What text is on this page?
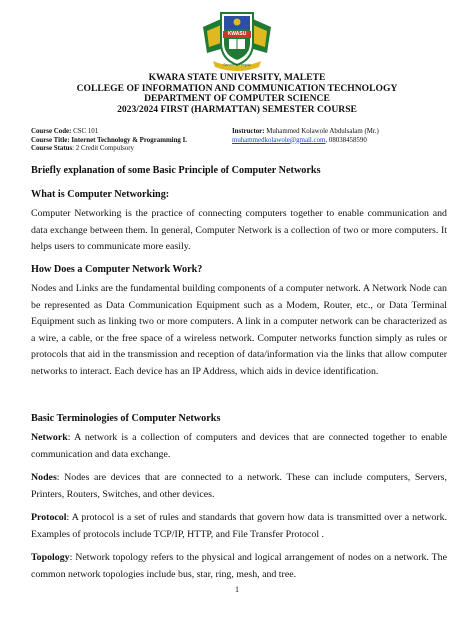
KWASU
Service & Integrity
KWARA STATE UNIVERSITY, MALETE
COLLEGE OF INFORMATION AND COMMUNICATION TECHNOLOGY
DEPARTMENT OF COMPUTER SCIENCE
2023/2024 FIRST (HARMATTAN) SEMESTER COURSE
Course Code: CSC 101
Course Title: Internet Technology & Programming I.
Course Status: 2 Credit Compulsory
Instructor: Muhammed Kolawole Abdulsalam (Mr.)
muhammedkolawole@gmail.com, 08038458590
Briefly explanation of some Basic Principle of Computer Networks
What is Computer Networking:
Computer Networking is the practice of connecting computers together to enable communication and data exchange between them. In general, Computer Network is a collection of two or more computers. It helps users to communicate more easily.
How Does a Computer Network Work?
Nodes and Links are the fundamental building components of a computer network. A Network Node can be represented as Data Communication Equipment such as a Modem, Router, etc., or Data Terminal Equipment such as linking two or more computers. A link in a computer network can be characterized as a wire, a cable, or the free space of a wireless network. Computer networks function simply as rules or protocols that aid in the transmission and reception of data/information via the links that allow computer networks to interact. Each device has an IP Address, which aids in device identification.
Basic Terminologies of Computer Networks
Network: A network is a collection of computers and devices that are connected together to enable communication and data exchange.
Nodes: Nodes are devices that are connected to a network. These can include computers, Servers, Printers, Routers, Switches, and other devices.
Protocol: A protocol is a set of rules and standards that govern how data is transmitted over a network. Examples of protocols include TCP/IP, HTTP, and File Transfer Protocol .
Topology: Network topology refers to the physical and logical arrangement of nodes on a network. The common network topologies include bus, star, ring, mesh, and tree.
1
